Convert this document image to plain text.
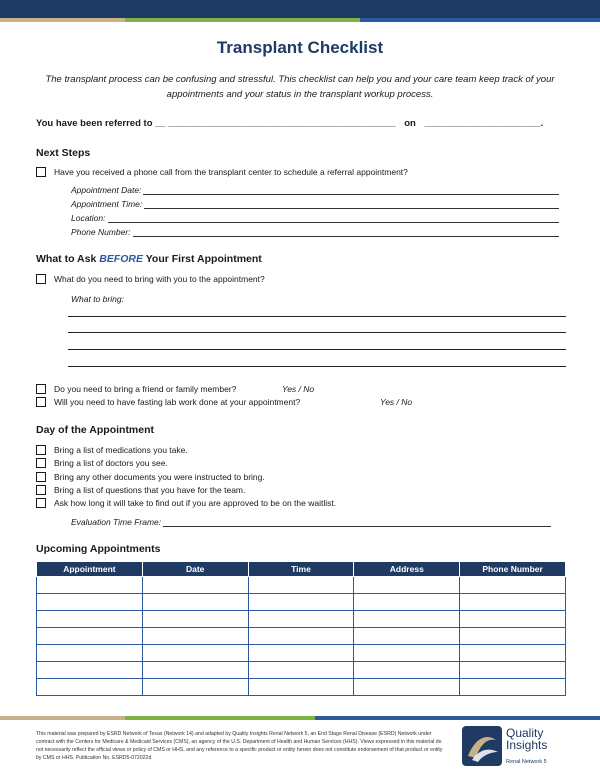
Transplant Checklist
The transplant process can be confusing and stressful. This checklist can help you and your care team keep track of your appointments and your status in the transplant workup process.
You have been referred to __ ___________________________________________ on ______________________.
Next Steps
Have you received a phone call from the transplant center to schedule a referral appointment?
Appointment Date:
Appointment Time:
Location:
Phone Number:
What to Ask BEFORE Your First Appointment
What do you need to bring with you to the appointment?
What to bring:
Do you need to bring a friend or family member?	Yes / No
Will you need to have fasting lab work done at your appointment?	Yes / No
Day of the Appointment
Bring a list of medications you take.
Bring a list of doctors you see.
Bring any other documents you were instructed to bring.
Bring a list of questions that you have for the team.
Ask how long it will take to find out if you are approved to be on the waitlist.
Evaluation Time Frame:
Upcoming Appointments
Appointment	Date	Time	Address	Phone Number

This material was prepared by ESRD Network of Texas (Network 14) and adapted by Quality Insights Renal Network 5, an End Stage Renal Disease (ESRD) Network under contract with the Centers for Medicare & Medicaid Services (CMS), an agency of the U.S. Department of Health and Human Services (HHS). Views expressed in this material do not necessarily reflect the official views or policy of CMS or HHS, and any reference to a specific product or entity herein does not constitute endorsement of that product or entity by CMS or HHS. Publication No. ESRD5-072022d
Quality
Insights
Renal Network 5
